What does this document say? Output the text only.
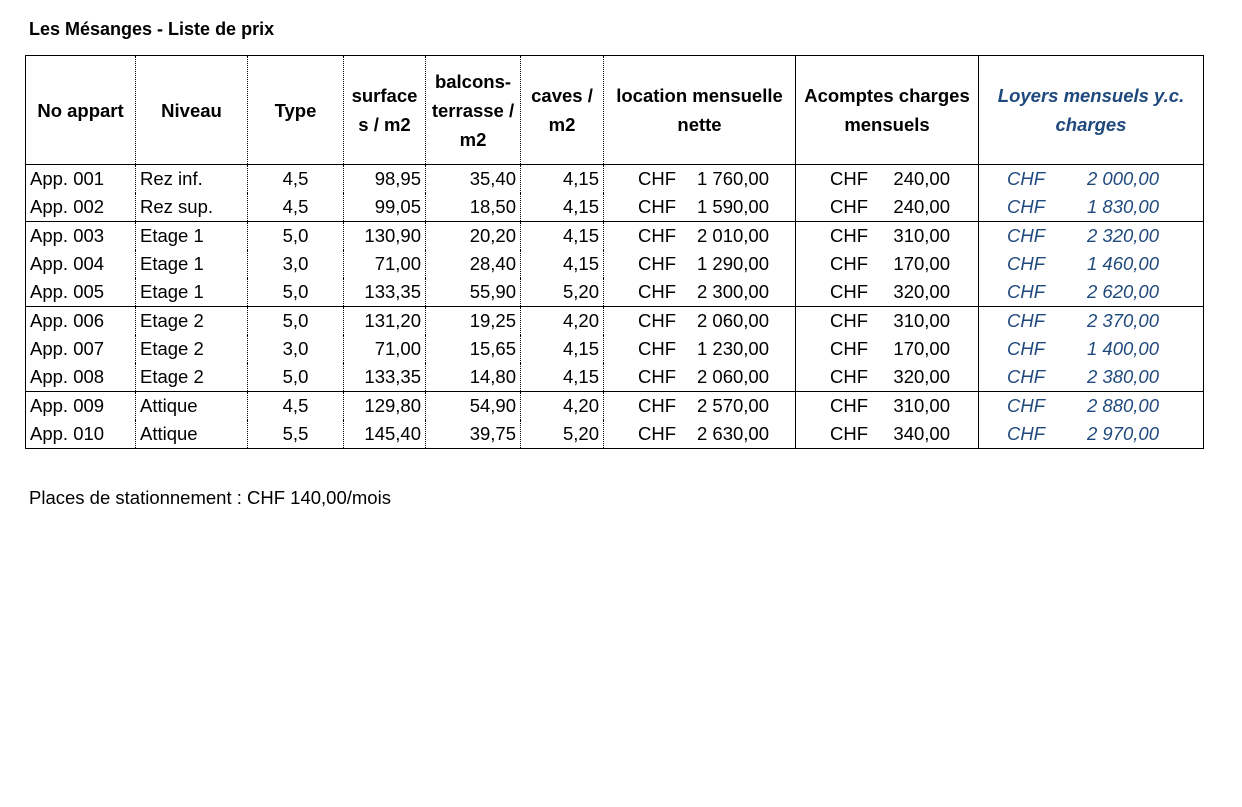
Les Mésanges - Liste de prix
No appart	Niveau	Type	surface s / m2	balcons-terrasse / m2	caves / m2	location mensuelle nette	Acomptes charges mensuels	Loyers mensuels y.c. charges
App. 001	Rez inf.	4,5	98,95	35,40	4,15	CHF 1 760,00	CHF 240,00	CHF 2 000,00

App. 002	Rez sup.	4,5	99,05	18,50	4,15	CHF 1 590,00	CHF 240,00	CHF 1 830,00

App. 003	Etage 1	5,0	130,90	20,20	4,15	CHF 2 010,00	CHF 310,00	CHF 2 320,00

App. 004	Etage 1	3,0	71,00	28,40	4,15	CHF 1 290,00	CHF 170,00	CHF 1 460,00

App. 005	Etage 1	5,0	133,35	55,90	5,20	CHF 2 300,00	CHF 320,00	CHF 2 620,00

App. 006	Etage 2	5,0	131,20	19,25	4,20	CHF 2 060,00	CHF 310,00	CHF 2 370,00

App. 007	Etage 2	3,0	71,00	15,65	4,15	CHF 1 230,00	CHF 170,00	CHF 1 400,00

App. 008	Etage 2	5,0	133,35	14,80	4,15	CHF 2 060,00	CHF 320,00	CHF 2 380,00

App. 009	Attique	4,5	129,80	54,90	4,20	CHF 2 570,00	CHF 310,00	CHF 2 880,00

App. 010	Attique	5,5	145,40	39,75	5,20	CHF 2 630,00	CHF 340,00	CHF 2 970,00
Places de stationnement : CHF 140,00/mois
